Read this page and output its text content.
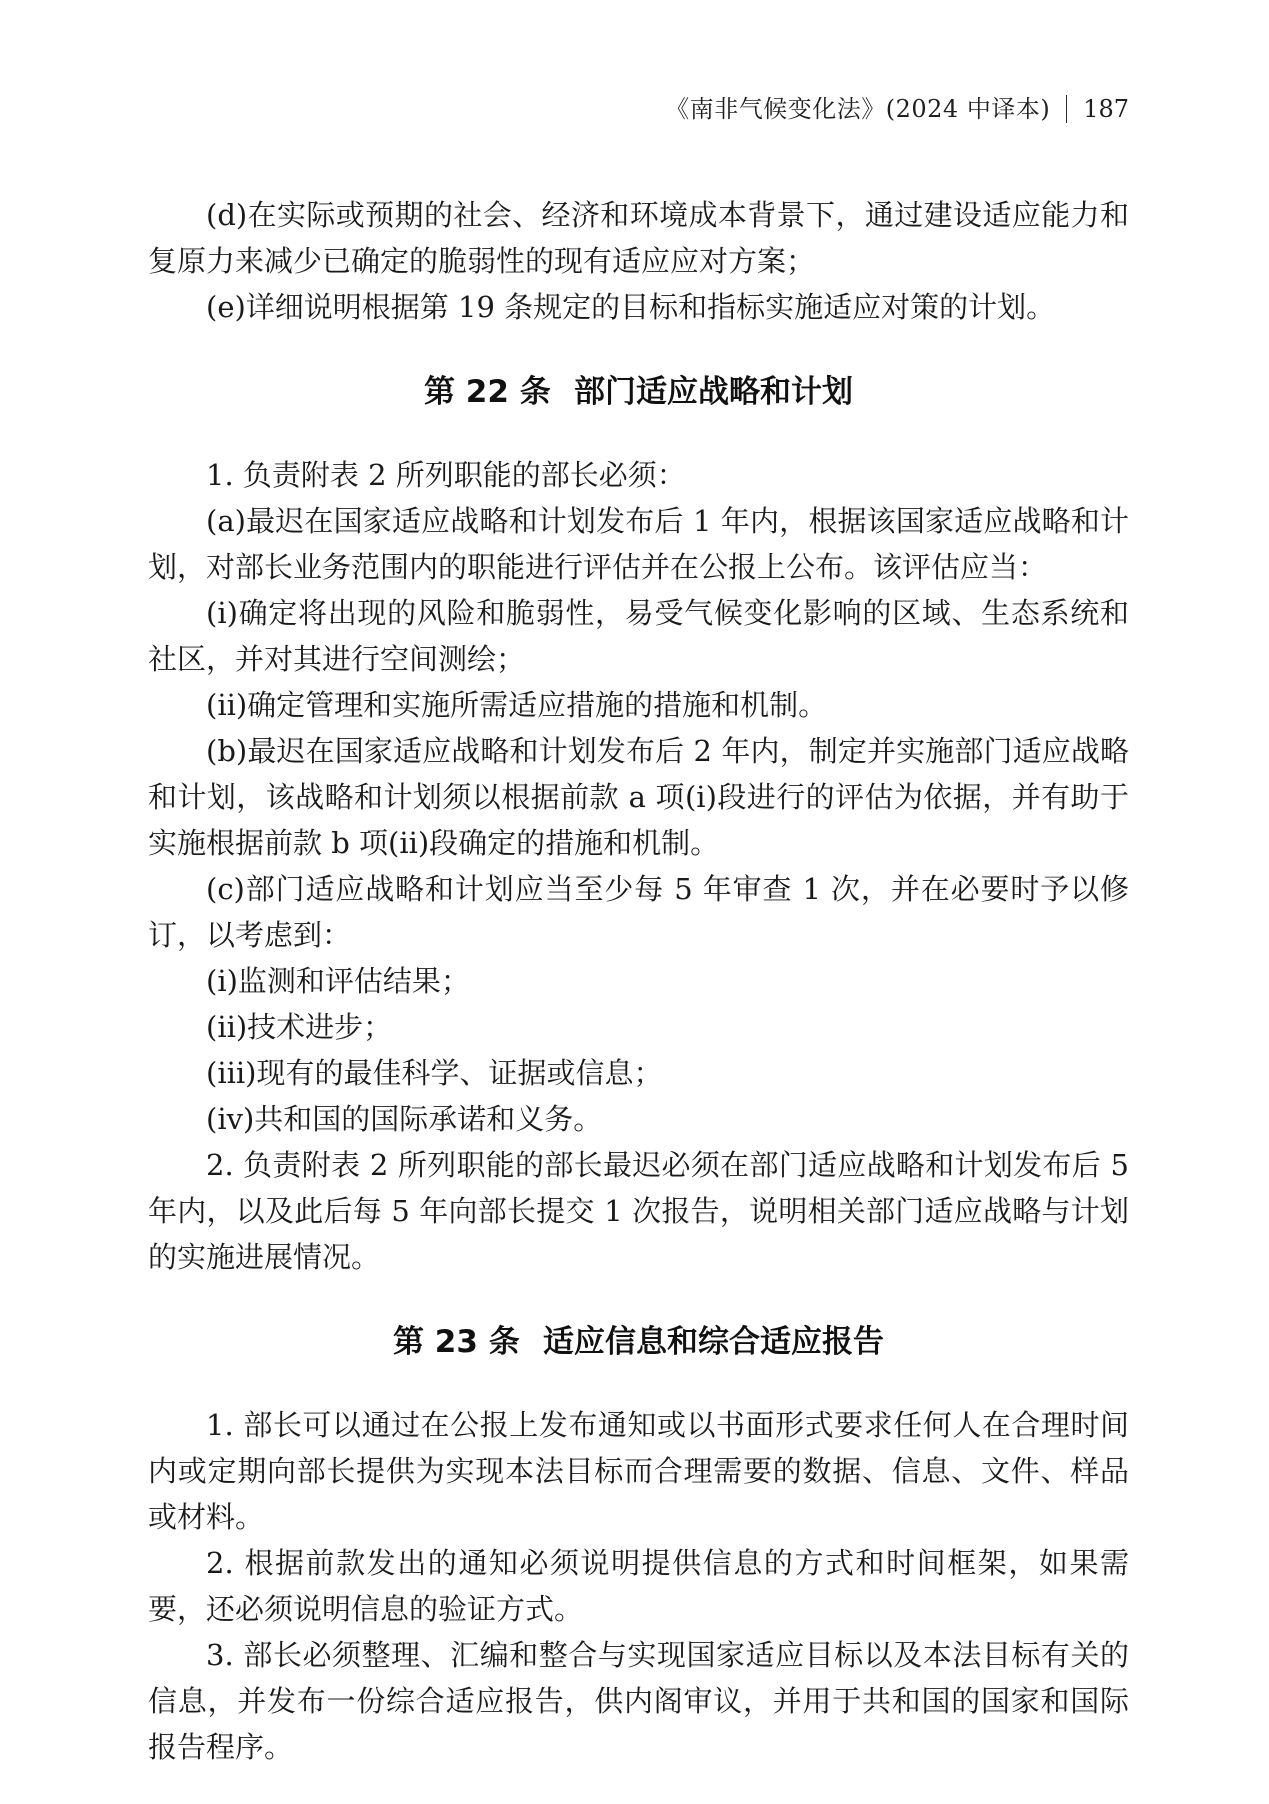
《南非气候变化法》(2024 中译本) 187

(d)在实际或预期的社会、经济和环境成本背景下，通过建设适应能力和复原力来减少已确定的脆弱性的现有适应应对方案；

(e)详细说明根据第 19 条规定的目标和指标实施适应对策的计划。

第 22 条 部门适应战略和计划

1. 负责附表 2 所列职能的部长必须：

(a)最迟在国家适应战略和计划发布后 1 年内，根据该国家适应战略和计划，对部长业务范围内的职能进行评估并在公报上公布。该评估应当：

(i)确定将出现的风险和脆弱性，易受气候变化影响的区域、生态系统和社区，并对其进行空间测绘；

(ii)确定管理和实施所需适应措施的措施和机制。

(b)最迟在国家适应战略和计划发布后 2 年内，制定并实施部门适应战略和计划，该战略和计划须以根据前款 a 项(i)段进行的评估为依据，并有助于实施根据前款 b 项(ii)段确定的措施和机制。

(c)部门适应战略和计划应当至少每 5 年审查 1 次，并在必要时予以修订，以考虑到：

(i)监测和评估结果；

(ii)技术进步；

(iii)现有的最佳科学、证据或信息；

(iv)共和国的国际承诺和义务。

2. 负责附表 2 所列职能的部长最迟必须在部门适应战略和计划发布后 5 年内，以及此后每 5 年向部长提交 1 次报告，说明相关部门适应战略与计划的实施进展情况。

第 23 条 适应信息和综合适应报告

1. 部长可以通过在公报上发布通知或以书面形式要求任何人在合理时间内或定期向部长提供为实现本法目标而合理需要的数据、信息、文件、样品或材料。

2. 根据前款发出的通知必须说明提供信息的方式和时间框架，如果需要，还必须说明信息的验证方式。

3. 部长必须整理、汇编和整合与实现国家适应目标以及本法目标有关的信息，并发布一份综合适应报告，供内阁审议，并用于共和国的国家和国际报告程序。
